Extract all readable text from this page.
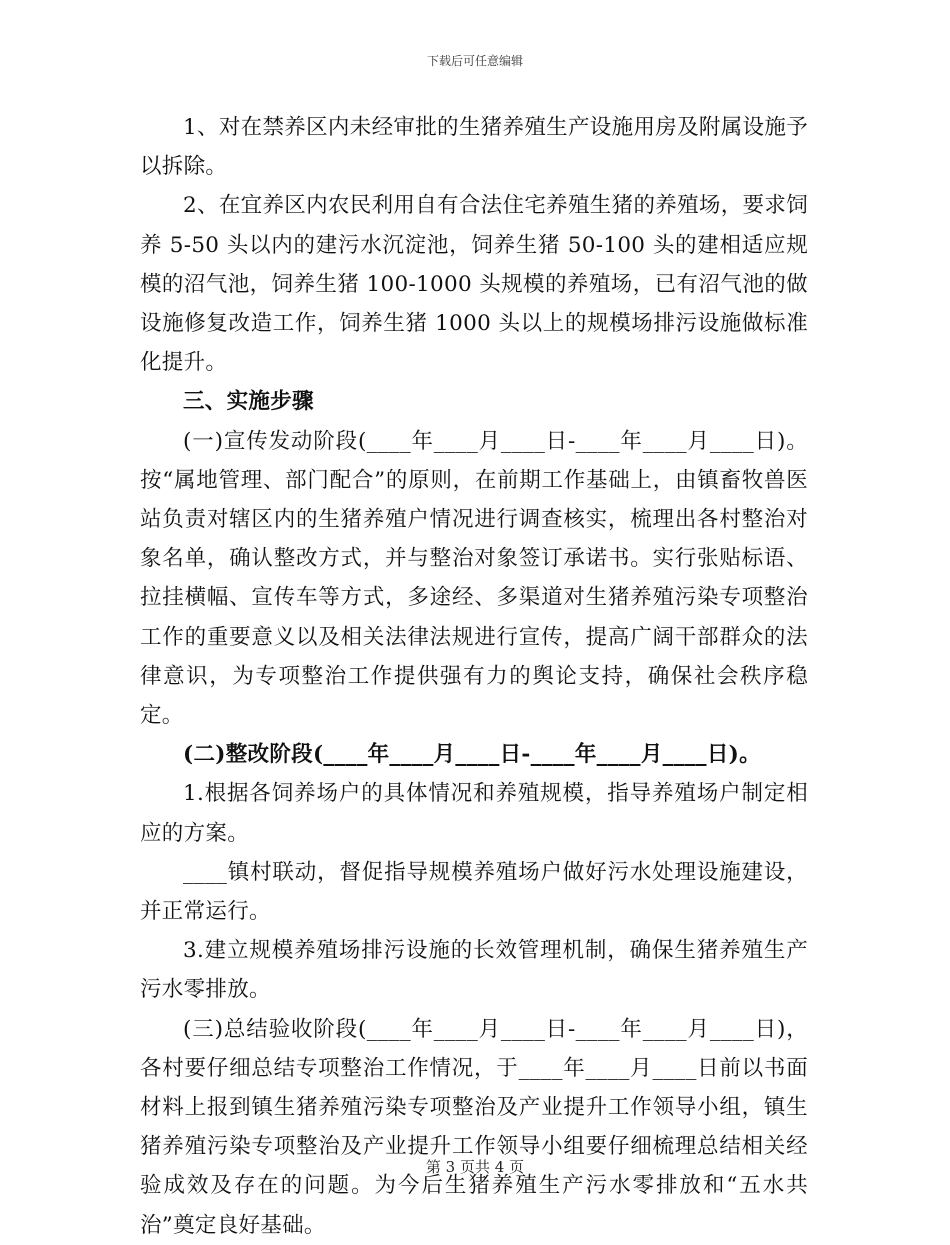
下载后可任意编辑

1、对在禁养区内未经审批的生猪养殖生产设施用房及附属设施予以拆除。

2、在宜养区内农民利用自有合法住宅养殖生猪的养殖场，要求饲养 5-50 头以内的建污水沉淀池，饲养生猪 50-100 头的建相适应规模的沼气池，饲养生猪 100-1000 头规模的养殖场，已有沼气池的做设施修复改造工作，饲养生猪 1000 头以上的规模场排污设施做标准化提升。

三、实施步骤

(一)宣传发动阶段(____年____月____日-____年____月____日)。按“属地管理、部门配合”的原则，在前期工作基础上，由镇畜牧兽医站负责对辖区内的生猪养殖户情况进行调查核实，梳理出各村整治对象名单，确认整改方式，并与整治对象签订承诺书。实行张贴标语、拉挂横幅、宣传车等方式，多途经、多渠道对生猪养殖污染专项整治工作的重要意义以及相关法律法规进行宣传，提高广阔干部群众的法律意识，为专项整治工作提供强有力的舆论支持，确保社会秩序稳定。

(二)整改阶段(____年____月____日-____年____月____日)。

1.根据各饲养场户的具体情况和养殖规模，指导养殖场户制定相应的方案。

____镇村联动，督促指导规模养殖场户做好污水处理设施建设，并正常运行。

3.建立规模养殖场排污设施的长效管理机制，确保生猪养殖生产污水零排放。

(三)总结验收阶段(____年____月____日-____年____月____日)，各村要仔细总结专项整治工作情况，于____年____月____日前以书面材料上报到镇生猪养殖污染专项整治及产业提升工作领导小组，镇生猪养殖污染专项整治及产业提升工作领导小组要仔细梳理总结相关经验成效及存在的问题。为今后生猪养殖生产污水零排放和“五水共治”奠定良好基础。

第 3 页共 4 页
